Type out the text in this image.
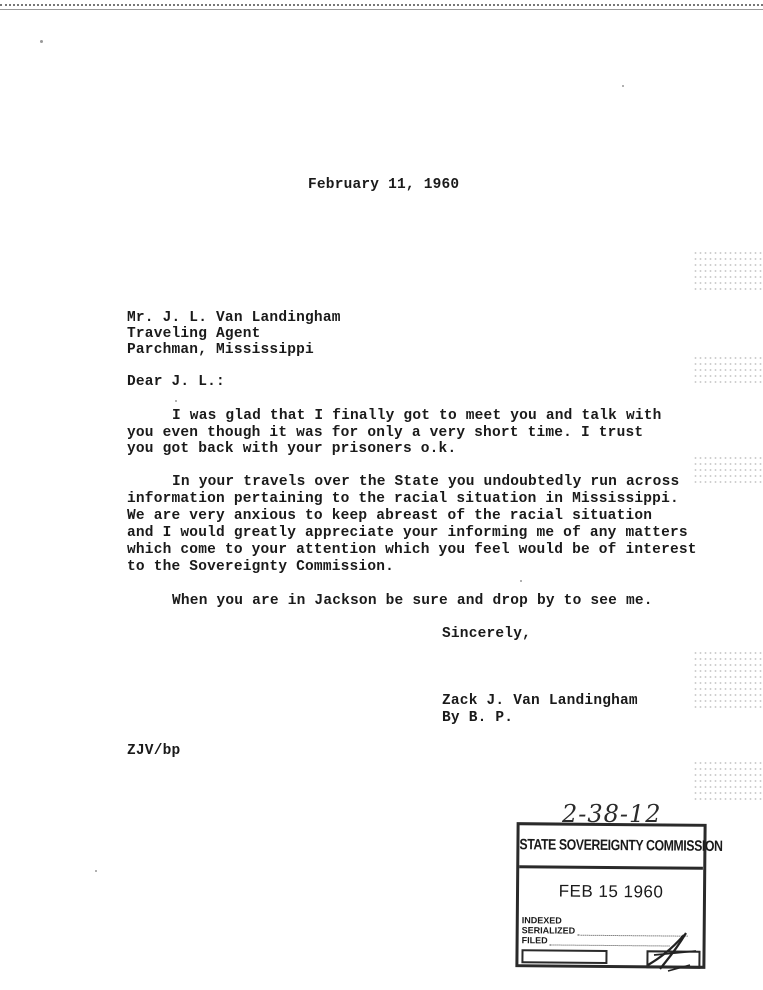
February 11, 1960
Mr. J. L. Van Landingham
Traveling Agent
Parchman, Mississippi
Dear J. L.:
I was glad that I finally got to meet you and talk with
you even though it was for only a very short time. I trust
you got back with your prisoners o.k.
In your travels over the State you undoubtedly run across
information pertaining to the racial situation in Mississippi.
We are very anxious to keep abreast of the racial situation
and I would greatly appreciate your informing me of any matters
which come to your attention which you feel would be of interest
to the Sovereignty Commission.
When you are in Jackson be sure and drop by to see me.
Sincerely,
Zack J. Van Landingham
By B. P.
ZJV/bp
2-38-12
STATE SOVEREIGNTY COMMISSION
FEB 15 1960
INDEXED
SERIALIZED
FILED
